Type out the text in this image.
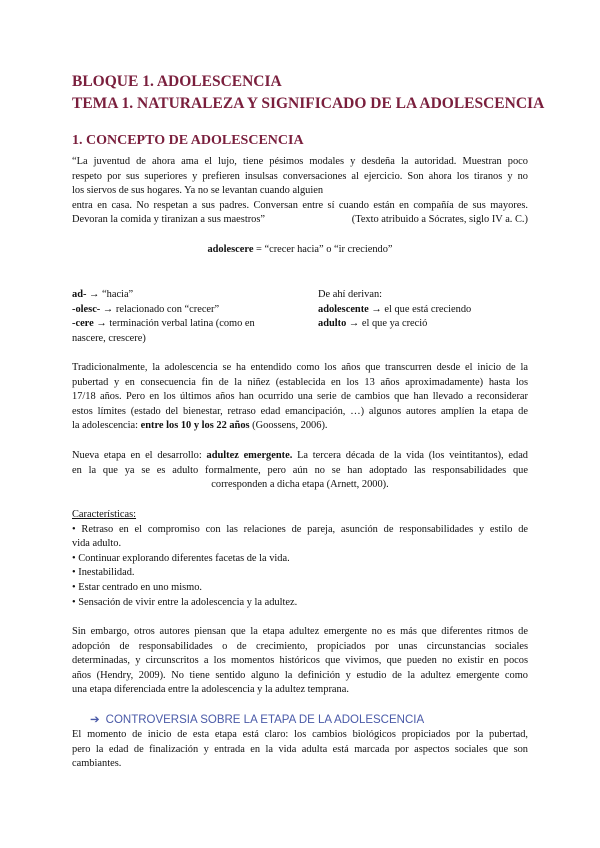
BLOQUE 1. ADOLESCENCIA
TEMA 1. NATURALEZA Y SIGNIFICADO DE LA ADOLESCENCIA
1. CONCEPTO DE ADOLESCENCIA
“La juventud de ahora ama el lujo, tiene pésimos modales y desdeña la autoridad. Muestran poco
respeto por sus superiores y prefieren insulsas conversaciones al ejercicio. Son ahora los tiranos y no
los siervos de sus hogares. Ya no se levantan cuando alguien
entra en casa. No respetan a sus padres. Conversan entre sí cuando están en compañía de sus mayores.
Devoran la comida y tiranizan a sus maestros”	(Texto atribuido a Sócrates, siglo IV a. C.)
adolescere = “crecer hacia” o “ir creciendo”
ad- → “hacia”
-olesc- → relacionado con “crecer”
-cere → terminación verbal latina (como en
nascere, crescere)
De ahí derivan:
adolescente → el que está creciendo
adulto → el que ya creció
Tradicionalmente, la adolescencia se ha entendido como los años que transcurren desde el inicio de la
pubertad y en consecuencia fin de la niñez (establecida en los 13 años aproximadamente) hasta los
17/18 años. Pero en los últimos años han ocurrido una serie de cambios que han llevado a reconsiderar
estos límites (estado del bienestar, retraso edad emancipación, …) algunos autores amplíen la etapa de
la adolescencia: entre los 10 y los 22 años (Goossens, 2006).
Nueva etapa en el desarrollo: adultez emergente. La tercera década de la vida (los veintitantos), edad
en la que ya se es adulto formalmente, pero aún no se han adoptado las responsabilidades que
corresponden a dicha etapa (Arnett, 2000).
Características:
• Retraso en el compromiso con las relaciones de pareja, asunción de responsabilidades y estilo de
vida adulto.
• Continuar explorando diferentes facetas de la vida.
• Inestabilidad.
• Estar centrado en uno mismo.
• Sensación de vivir entre la adolescencia y la adultez.
Sin embargo, otros autores piensan que la etapa adultez emergente no es más que diferentes ritmos de
adopción de responsabilidades o de crecimiento, propiciados por unas circunstancias sociales
determinadas, y circunscritos a los momentos históricos que vivimos, que pueden no existir en pocos
años (Hendry, 2009). No tiene sentido alguno la definición y estudio de la adultez emergente como
una etapa diferenciada entre la adolescencia y la adultez temprana.
➔ CONTROVERSIA SOBRE LA ETAPA DE LA ADOLESCENCIA
El momento de inicio de esta etapa está claro: los cambios biológicos propiciados por la pubertad,
pero la edad de finalización y entrada en la vida adulta está marcada por aspectos sociales que son
cambiantes.
